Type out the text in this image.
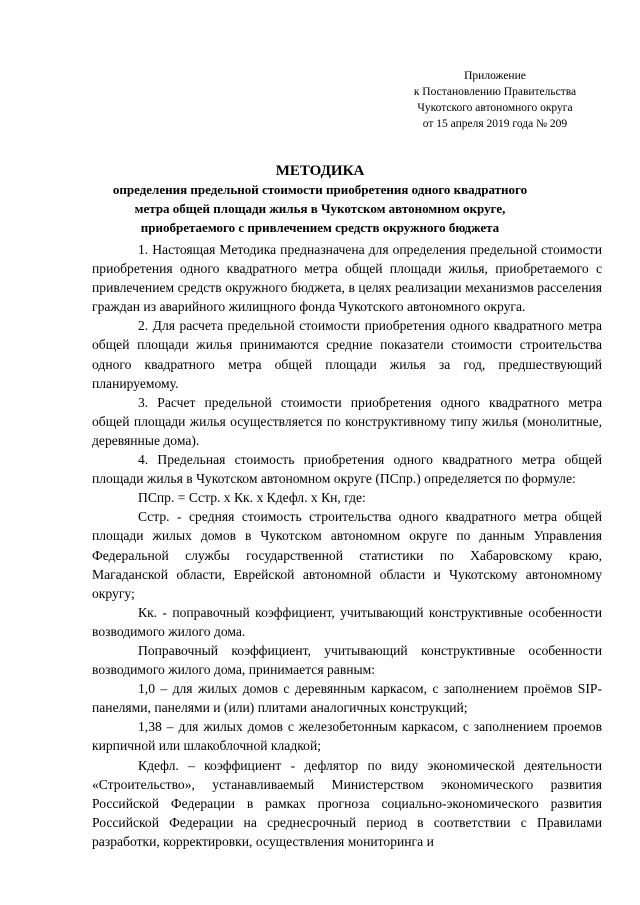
Приложение
к Постановлению Правительства
Чукотского автономного округа
от 15 апреля 2019 года № 209
МЕТОДИКА
определения предельной стоимости приобретения одного квадратного
метра общей площади жилья в Чукотском автономном округе,
приобретаемого с привлечением средств окружного бюджета

1. Настоящая Методика предназначена для определения предельной стоимости приобретения одного квадратного метра общей площади жилья, приобретаемого с привлечением средств окружного бюджета, в целях реализации механизмов расселения граждан из аварийного жилищного фонда Чукотского автономного округа.

2. Для расчета предельной стоимости приобретения одного квадратного метра общей площади жилья принимаются средние показатели стоимости строительства одного квадратного метра общей площади жилья за год, предшествующий планируемому.

3. Расчет предельной стоимости приобретения одного квадратного метра общей площади жилья осуществляется по конструктивному типу жилья (монолитные, деревянные дома).

4. Предельная стоимость приобретения одного квадратного метра общей площади жилья в Чукотском автономном округе (ПСпр.) определяется по формуле:

ПСпр. = Сстр. х Кк. х Кдефл. х Кн, где:

Сстр. - средняя стоимость строительства одного квадратного метра общей площади жилых домов в Чукотском автономном округе по данным Управления Федеральной службы государственной статистики по Хабаровскому краю, Магаданской области, Еврейской автономной области и Чукотскому автономному округу;

Кк. - поправочный коэффициент, учитывающий конструктивные особенности возводимого жилого дома.

Поправочный коэффициент, учитывающий конструктивные особенности возводимого жилого дома, принимается равным:

1,0 – для жилых домов с деревянным каркасом, с заполнением проёмов SIP-панелями, панелями и (или) плитами аналогичных конструкций;

1,38 – для жилых домов с железобетонным каркасом, с заполнением проемов кирпичной или шлакоблочной кладкой;

Кдефл. – коэффициент - дефлятор по виду экономической деятельности «Строительство», устанавливаемый Министерством экономического развития Российской Федерации в рамках прогноза социально-экономического развития Российской Федерации на среднесрочный период в соответствии с Правилами разработки, корректировки, осуществления мониторинга и
